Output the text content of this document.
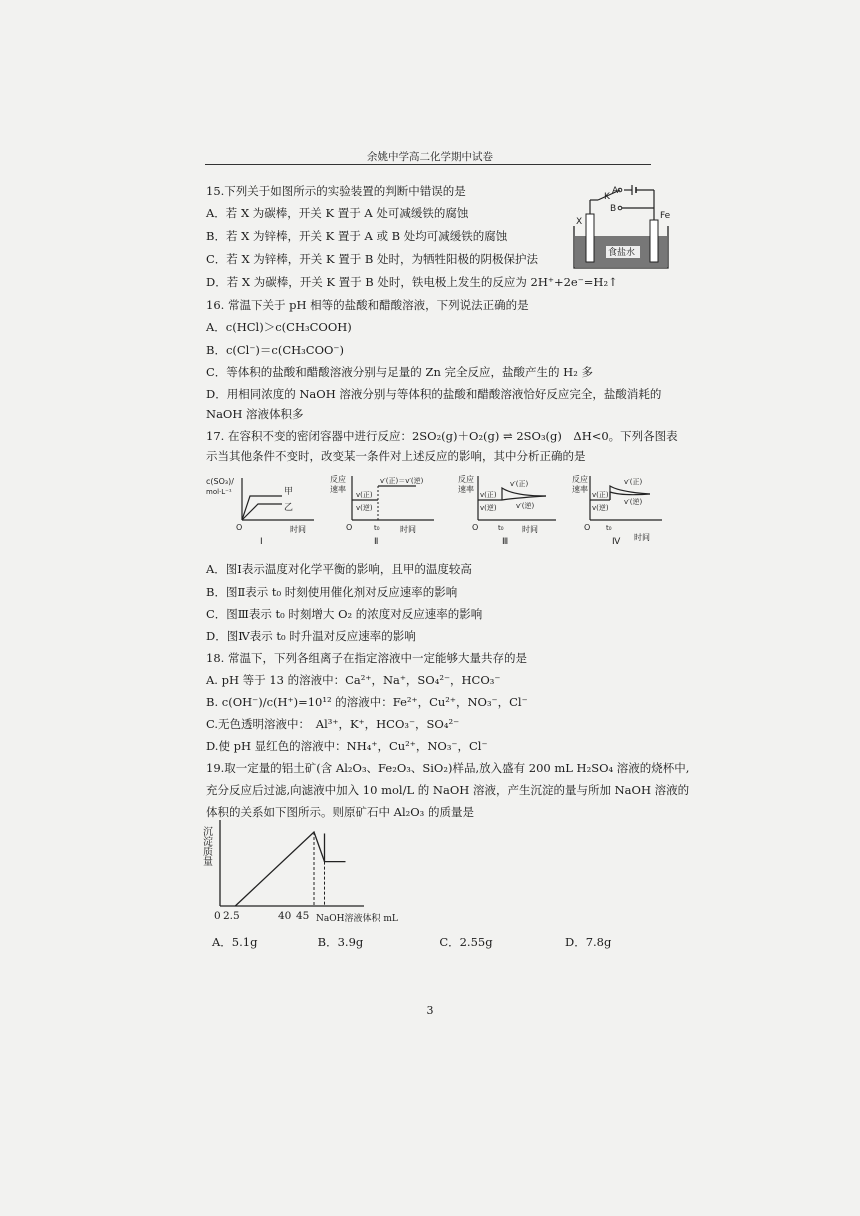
余姚中学高二化学期中试卷
15.下列关于如图所示的实验装置的判断中错误的是
A．若 X 为碳棒，开关 K 置于 A 处可减缓铁的腐蚀
B．若 X 为锌棒，开关 K 置于 A 或 B 处均可减缓铁的腐蚀
C．若 X 为锌棒，开关 K 置于 B 处时，为牺牲阳极的阴极保护法
D．若 X 为碳棒，开关 K 置于 B 处时，铁电极上发生的反应为 2H⁺+2e⁻=H₂↑
K
A
B
X
Fe
食盐水
16. 常温下关于 pH 相等的盐酸和醋酸溶液，下列说法正确的是
A．c(HCl)＞c(CH₃COOH)
B．c(Cl⁻)＝c(CH₃COO⁻)
C．等体积的盐酸和醋酸溶液分别与足量的 Zn 完全反应，盐酸产生的 H₂ 多
D．用相同浓度的 NaOH 溶液分别与等体积的盐酸和醋酸溶液恰好反应完全，盐酸消耗的
NaOH 溶液体积多
17. 在容积不变的密闭容器中进行反应：2SO₂(g)＋O₂(g) ⇌ 2SO₃(g)　ΔH<0。下列各图表
示当其他条件不变时，改变某一条件对上述反应的影响，其中分析正确的是
c(SO₃)/
mol·L⁻¹	甲
乙
O	时间
Ⅰ
反应
速率
v(正)
v′(正)＝v′(逆)
v(逆)
O	t₀	时间
Ⅱ
反应
速率
v(正)
v′(正)
v(逆)	v′(逆)
O	t₀ 时间
Ⅲ
反应
速率
v(正)
v′(正)
v(逆)
v′(逆)
O t₀
时间
Ⅳ
A．图Ⅰ表示温度对化学平衡的影响，且甲的温度较高
B．图Ⅱ表示 t₀ 时刻使用催化剂对反应速率的影响
C．图Ⅲ表示 t₀ 时刻增大 O₂ 的浓度对反应速率的影响
D．图Ⅳ表示 t₀ 时升温对反应速率的影响
18. 常温下，下列各组离子在指定溶液中一定能够大量共存的是
A. pH 等于 13 的溶液中：Ca²⁺，Na⁺，SO₄²⁻，HCO₃⁻
B. c(OH⁻)/c(H⁺)=10¹² 的溶液中：Fe²⁺，Cu²⁺，NO₃⁻，Cl⁻
C.无色透明溶液中：　Al³⁺，K⁺，HCO₃⁻，SO₄²⁻
D.使 pH 显红色的溶液中：NH₄⁺，Cu²⁺，NO₃⁻，Cl⁻
19.取一定量的铝土矿(含 Al₂O₃、Fe₂O₃、SiO₂)样品,放入盛有 200 mL H₂SO₄ 溶液的烧杯中,
充分反应后过滤,向滤液中加入 10 mol/L 的 NaOH 溶液，产生沉淀的量与所加 NaOH 溶液的
体积的关系如下图所示。则原矿石中 Al₂O₃ 的质量是
沉淀质量
0 2.5	40 45 NaOH溶液体积 mL
A．5.1g	B．3.9g	C．2.55g	D．7.8g
3
